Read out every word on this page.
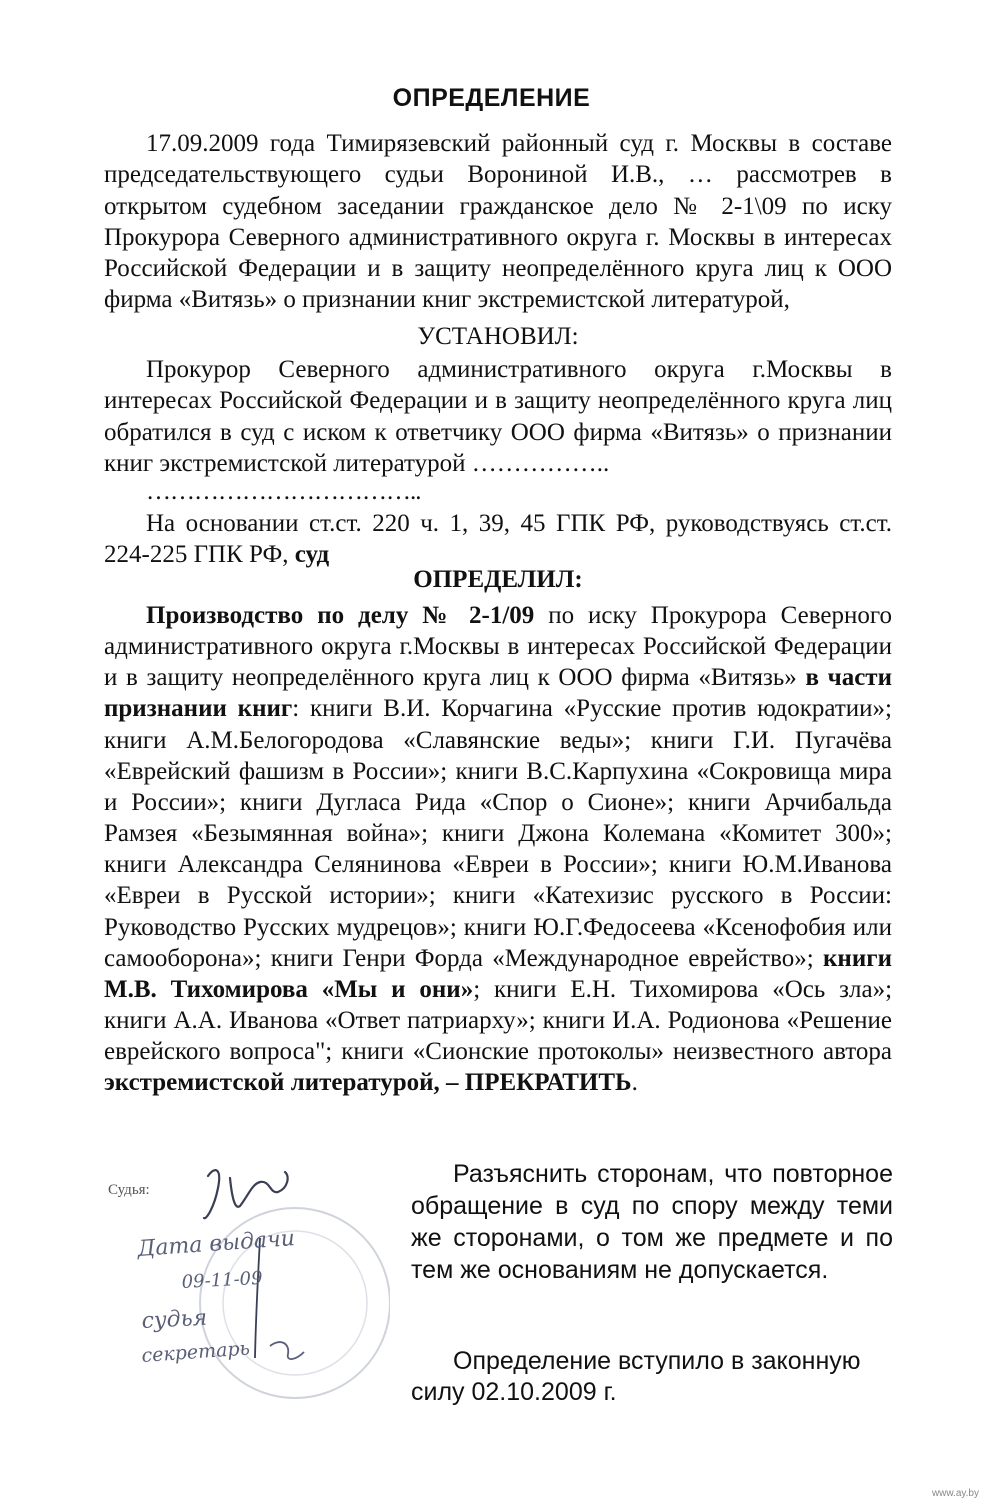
ОПРЕДЕЛЕНИЕ

17.09.2009 года Тимирязевский районный суд г. Москвы в составе председательствующего судьи Ворониной И.В., … рассмотрев в открытом судебном заседании гражданское дело № 2-1\09 по иску Прокурора Северного административного округа г. Москвы в интересах Российской Федерации и в защиту неопределённого круга лиц к ООО фирма «Витязь» о признании книг экстремистской литературой,

УСТАНОВИЛ:

Прокурор Северного административного округа г.Москвы в интересах Российской Федерации и в защиту неопределённого круга лиц обратился в суд с иском к ответчику ООО фирма «Витязь» о признании книг экстремистской литературой ……………..

……………………………..

На основании ст.ст. 220 ч. 1, 39, 45 ГПК РФ, руководствуясь ст.ст. 224-225 ГПК РФ, суд

ОПРЕДЕЛИЛ:

Производство по делу № 2-1/09 по иску Прокурора Северного административного округа г.Москвы в интересах Российской Федерации и в защиту неопределённого круга лиц к ООО фирма «Витязь» в части признании книг: книги В.И. Корчагина «Русские против юдократии»; книги А.М.Белогородова «Славянские веды»; книги Г.И. Пугачёва «Еврейский фашизм в России»; книги В.С.Карпухина «Сокровища мира и России»; книги Дугласа Рида «Спор о Сионе»; книги Арчибальда Рамзея «Безымянная война»; книги Джона Колемана «Комитет 300»; книги Александра Селянинова «Евреи в России»; книги Ю.М.Иванова «Евреи в Русской истории»; книги «Катехизис русского в России: Руководство Русских мудрецов»; книги Ю.Г.Федосеева «Ксенофобия или самооборона»; книги Генри Форда «Международное еврейство»; книги М.В. Тихомирова «Мы и они»; книги Е.Н. Тихомирова «Ось зла»; книги А.А. Иванова «Ответ патриарху»; книги И.А. Родионова «Решение еврейского вопроса"; книги «Сионские протоколы» неизвестного автора экстремистской литературой, – ПРЕКРАТИТЬ.

Судья:
Дата выдачи
09-11-09
судья
секретарь

Разъяснить сторонам, что повторное обращение в суд по спору между теми же сторонами, о том же предмете и по тем же основаниям не допускается.

Определение вступило в законную силу 02.10.2009 г.

www.ay.by
